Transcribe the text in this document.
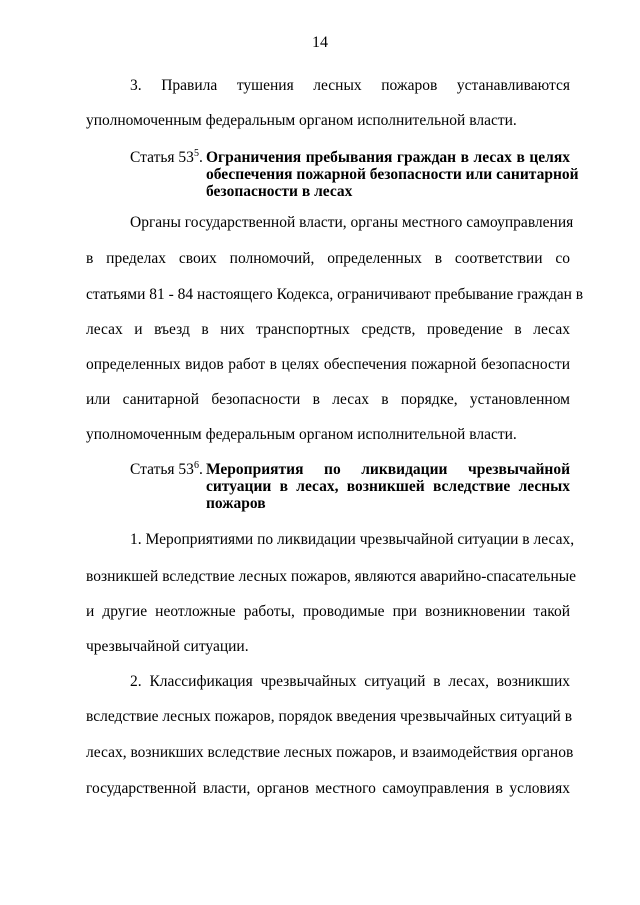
14
3. Правила тушения лесных пожаров устанавливаются
уполномоченным федеральным органом исполнительной власти.
Статья $53^5$. Ограничения пребывания граждан в лесах в целях
обеспечения пожарной безопасности или санитарной
безопасности в лесах
Органы государственной власти, органы местного самоуправления
в пределах своих полномочий, определенных в соответствии со
статьями 81 - 84 настоящего Кодекса, ограничивают пребывание граждан в
лесах и въезд в них транспортных средств, проведение в лесах
определенных видов работ в целях обеспечения пожарной безопасности
или санитарной безопасности в лесах в порядке, установленном
уполномоченным федеральным органом исполнительной власти.
Статья $53^6$. Мероприятия по ликвидации чрезвычайной
ситуации в лесах, возникшей вследствие лесных
пожаров
1. Мероприятиями по ликвидации чрезвычайной ситуации в лесах,
возникшей вследствие лесных пожаров, являются аварийно-спасательные
и другие неотложные работы, проводимые при возникновении такой
чрезвычайной ситуации.
2. Классификация чрезвычайных ситуаций в лесах, возникших
вследствие лесных пожаров, порядок введения чрезвычайных ситуаций в
лесах, возникших вследствие лесных пожаров, и взаимодействия органов
государственной власти, органов местного самоуправления в условиях
